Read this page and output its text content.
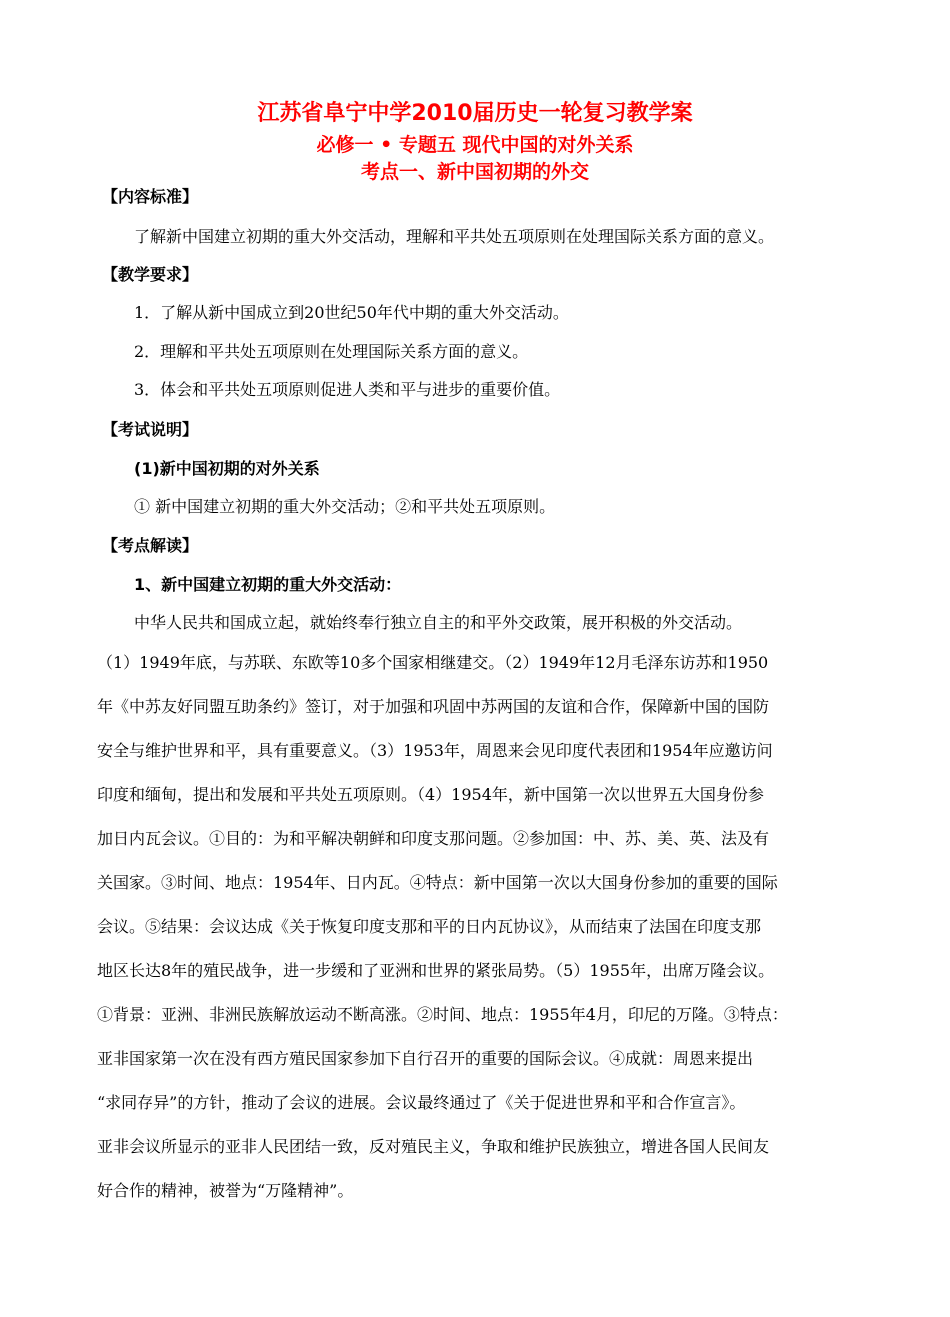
江苏省阜宁中学2010届历史一轮复习教学案
必修一 • 专题五 现代中国的对外关系
考点一、新中国初期的外交
【内容标准】
了解新中国建立初期的重大外交活动，理解和平共处五项原则在处理国际关系方面的意义。
【教学要求】
1．了解从新中国成立到20世纪50年代中期的重大外交活动。
2．理解和平共处五项原则在处理国际关系方面的意义。
3．体会和平共处五项原则促进人类和平与进步的重要价值。
【考试说明】
(1)新中国初期的对外关系
① 新中国建立初期的重大外交活动；②和平共处五项原则。
【考点解读】
1、新中国建立初期的重大外交活动：
中华人民共和国成立起，就始终奉行独立自主的和平外交政策，展开积极的外交活动。
（1）1949年底，与苏联、东欧等10多个国家相继建交。（2）1949年12月毛泽东访苏和1950
年《中苏友好同盟互助条约》签订，对于加强和巩固中苏两国的友谊和合作，保障新中国的国防
安全与维护世界和平，具有重要意义。（3）1953年，周恩来会见印度代表团和1954年应邀访问
印度和缅甸，提出和发展和平共处五项原则。（4）1954年，新中国第一次以世界五大国身份参
加日内瓦会议。①目的：为和平解决朝鲜和印度支那问题。②参加国：中、苏、美、英、法及有
关国家。③时间、地点：1954年、日内瓦。④特点：新中国第一次以大国身份参加的重要的国际
会议。⑤结果：会议达成《关于恢复印度支那和平的日内瓦协议》，从而结束了法国在印度支那
地区长达8年的殖民战争，进一步缓和了亚洲和世界的紧张局势。（5）1955年，出席万隆会议。
①背景：亚洲、非洲民族解放运动不断高涨。②时间、地点：1955年4月，印尼的万隆。③特点：
亚非国家第一次在没有西方殖民国家参加下自行召开的重要的国际会议。④成就：周恩来提出
“求同存异”的方针，推动了会议的进展。会议最终通过了《关于促进世界和平和合作宣言》。
亚非会议所显示的亚非人民团结一致，反对殖民主义，争取和维护民族独立，增进各国人民间友
好合作的精神，被誉为“万隆精神”。
